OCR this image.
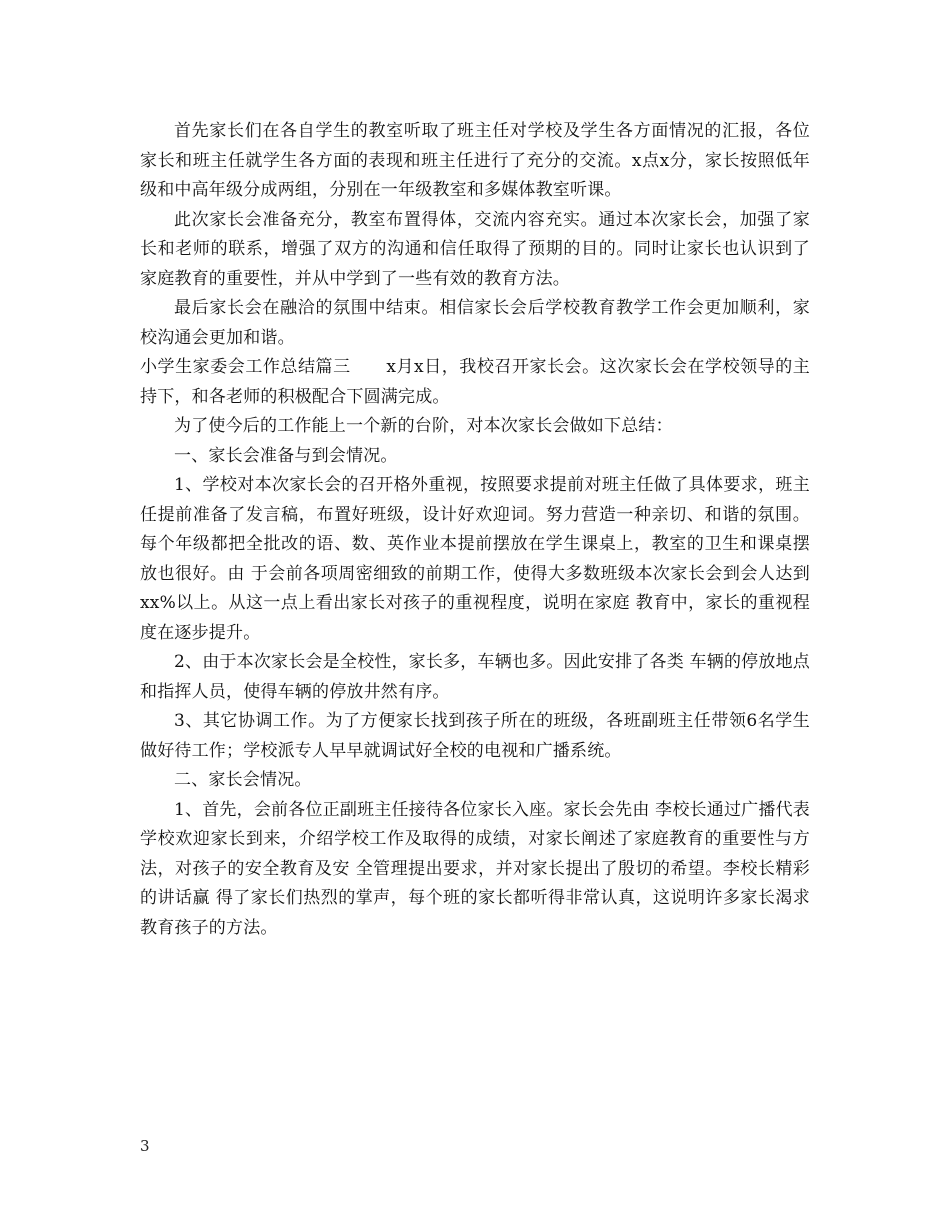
首先家长们在各自学生的教室听取了班主任对学校及学生各方面情况的汇报，各位家长和班主任就学生各方面的表现和班主任进行了充分的交流。x点x分，家长按照低年级和中高年级分成两组，分别在一年级教室和多媒体教室听课。

此次家长会准备充分，教室布置得体，交流内容充实。通过本次家长会，加强了家长和老师的联系，增强了双方的沟通和信任取得了预期的目的。同时让家长也认识到了家庭教育的重要性，并从中学到了一些有效的教育方法。

最后家长会在融洽的氛围中结束。相信家长会后学校教育教学工作会更加顺利，家校沟通会更加和谐。

小学生家委会工作总结篇三      x月x日，我校召开家长会。这次家长会在学校领导的主持下，和各老师的积极配合下圆满完成。

为了使今后的工作能上一个新的台阶，对本次家长会做如下总结：

一、家长会准备与到会情况。

1、学校对本次家长会的召开格外重视，按照要求提前对班主任做了具体要求，班主任提前准备了发言稿，布置好班级，设计好欢迎词。努力营造一种亲切、和谐的氛围。每个年级都把全批改的语、数、英作业本提前摆放在学生课桌上，教室的卫生和课桌摆放也很好。由 于会前各项周密细致的前期工作，使得大多数班级本次家长会到会人达到 xx%以上。从这一点上看出家长对孩子的重视程度，说明在家庭 教育中，家长的重视程度在逐步提升。

2、由于本次家长会是全校性，家长多，车辆也多。因此安排了各类 车辆的停放地点和指挥人员，使得车辆的停放井然有序。

3、其它协调工作。为了方便家长找到孩子所在的班级，各班副班主任带领6名学生做好待工作；学校派专人早早就调试好全校的电视和广播系统。

二、家长会情况。

1、首先，会前各位正副班主任接待各位家长入座。家长会先由 李校长通过广播代表学校欢迎家长到来，介绍学校工作及取得的成绩，对家长阐述了家庭教育的重要性与方法，对孩子的安全教育及安 全管理提出要求，并对家长提出了殷切的希望。李校长精彩的讲话赢 得了家长们热烈的掌声，每个班的家长都听得非常认真，这说明许多家长渴求教育孩子的方法。

3
